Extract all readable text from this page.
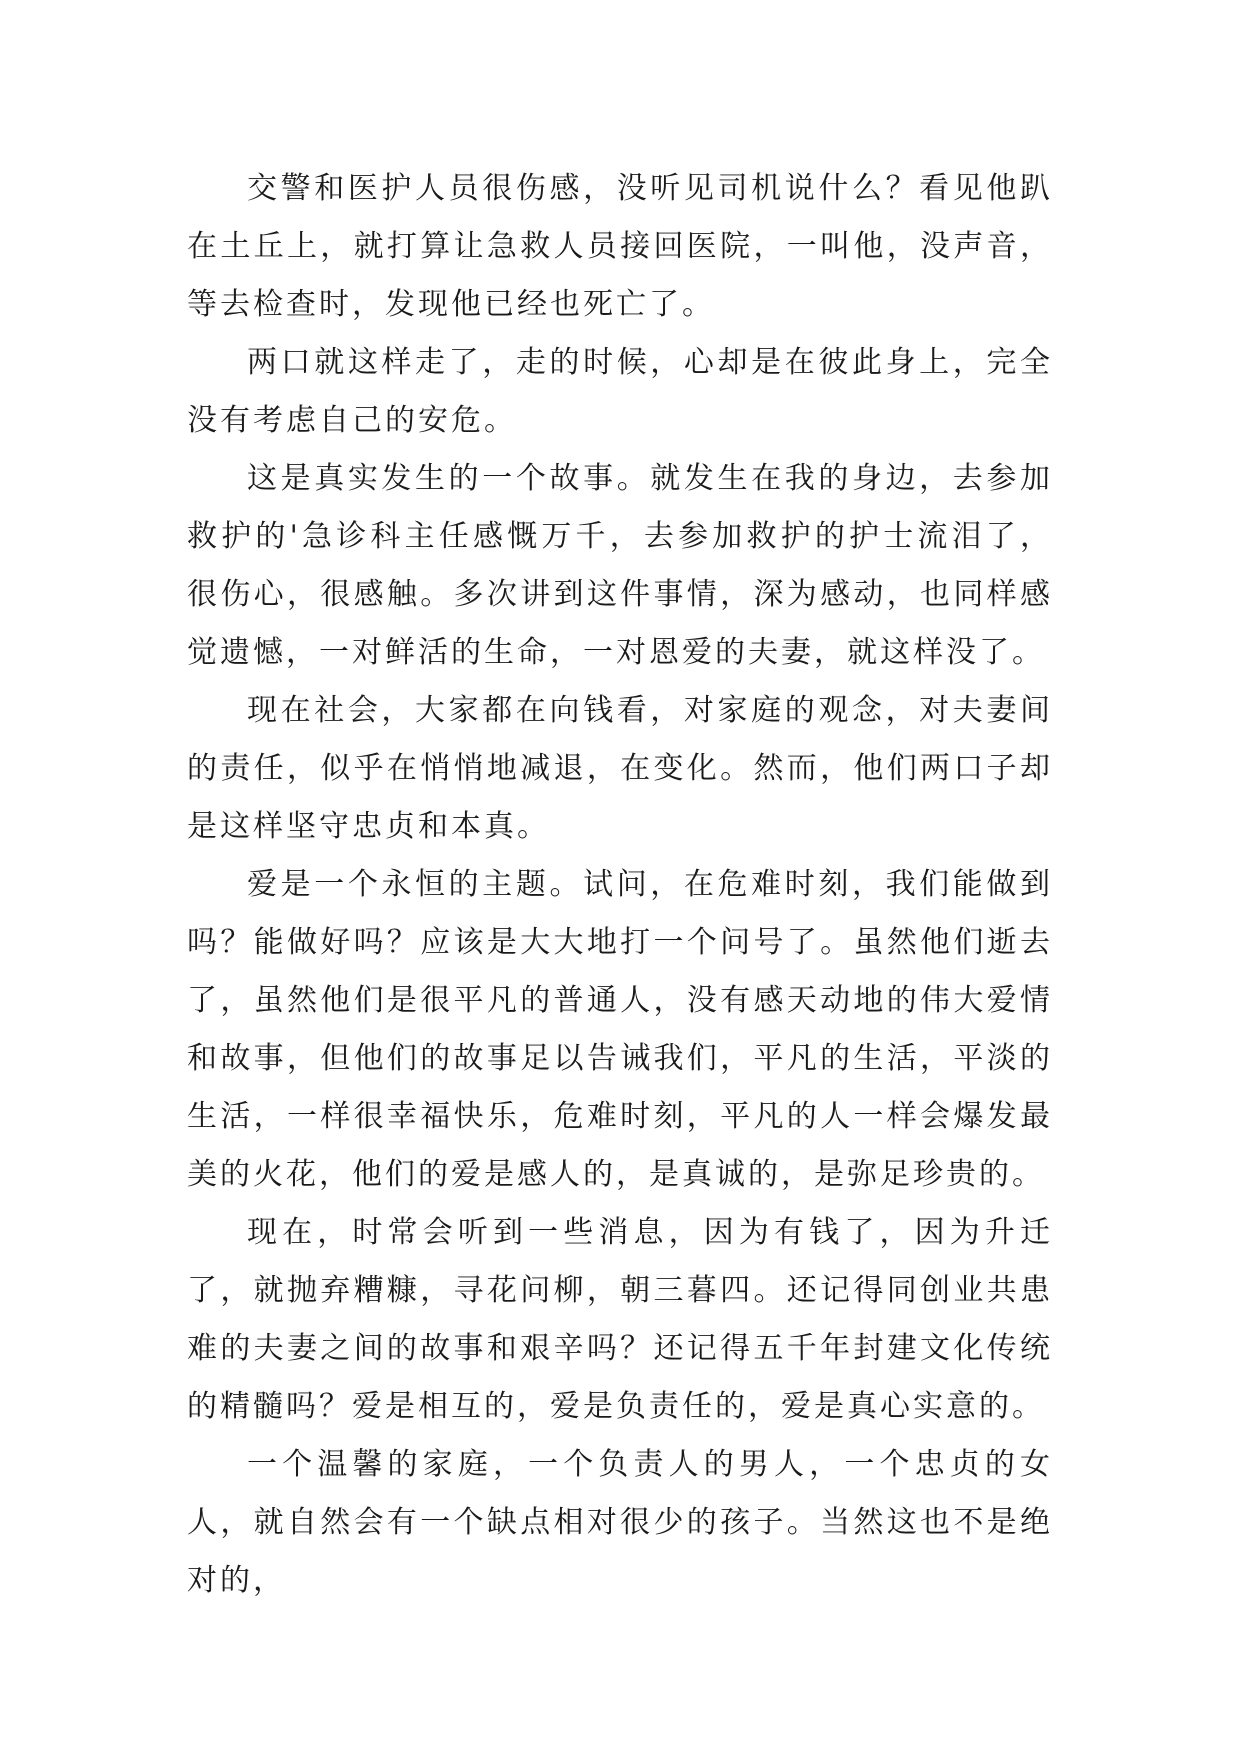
交警和医护人员很伤感，没听见司机说什么？看见他趴在土丘上，就打算让急救人员接回医院，一叫他，没声音，等去检查时，发现他已经也死亡了。

两口就这样走了，走的时候，心却是在彼此身上，完全没有考虑自己的安危。

这是真实发生的一个故事。就发生在我的身边，去参加救护的'急诊科主任感慨万千，去参加救护的护士流泪了，很伤心，很感触。多次讲到这件事情，深为感动，也同样感觉遗憾，一对鲜活的生命，一对恩爱的夫妻，就这样没了。

现在社会，大家都在向钱看，对家庭的观念，对夫妻间的责任，似乎在悄悄地减退，在变化。然而，他们两口子却是这样坚守忠贞和本真。

爱是一个永恒的主题。试问，在危难时刻，我们能做到吗？能做好吗？应该是大大地打一个问号了。虽然他们逝去了，虽然他们是很平凡的普通人，没有感天动地的伟大爱情和故事，但他们的故事足以告诫我们，平凡的生活，平淡的生活，一样很幸福快乐，危难时刻，平凡的人一样会爆发最美的火花，他们的爱是感人的，是真诚的，是弥足珍贵的。

现在，时常会听到一些消息，因为有钱了，因为升迁了，就抛弃糟糠，寻花问柳，朝三暮四。还记得同创业共患难的夫妻之间的故事和艰辛吗？还记得五千年封建文化传统的精髓吗？爱是相互的，爱是负责任的，爱是真心实意的。

一个温馨的家庭，一个负责人的男人，一个忠贞的女人，就自然会有一个缺点相对很少的孩子。当然这也不是绝对的，
